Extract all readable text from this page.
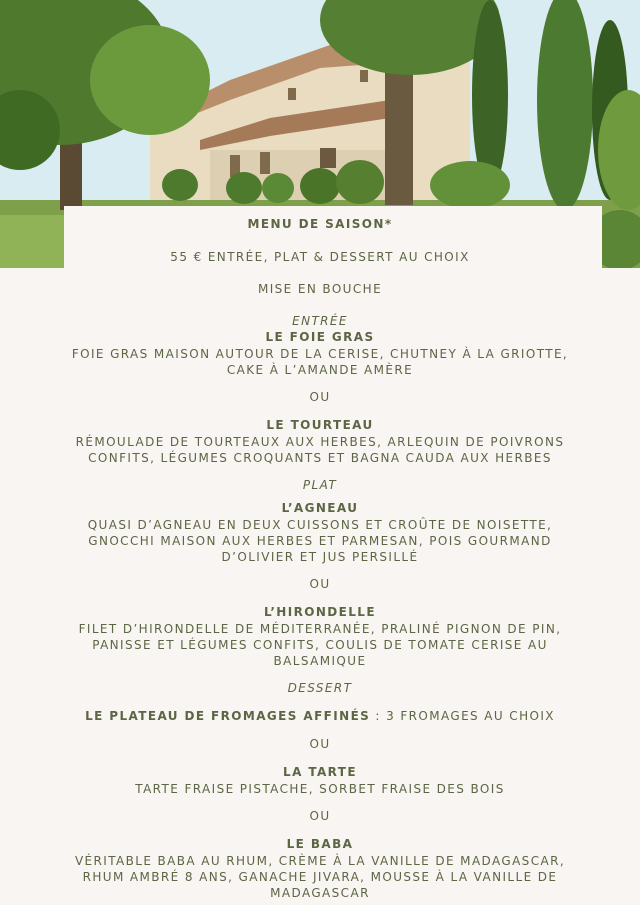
MENU DE SAISON*
55 € ENTRÉE, PLAT & DESSERT AU CHOIX
MISE EN BOUCHE
ENTRÉE
LE FOIE GRAS
FOIE GRAS MAISON AUTOUR DE LA CERISE, CHUTNEY À LA GRIOTTE,
CAKE À L’AMANDE AMÈRE
OU
LE TOURTEAU
RÉMOULADE DE TOURTEAUX AUX HERBES, ARLEQUIN DE POIVRONS
CONFITS, LÉGUMES CROQUANTS ET BAGNA CAUDA AUX HERBES
PLAT
L’AGNEAU
QUASI D’AGNEAU EN DEUX CUISSONS ET CROÛTE DE NOISETTE,
GNOCCHI MAISON AUX HERBES ET PARMESAN, POIS GOURMAND
D’OLIVIER ET JUS PERSILLÉ
OU
L’HIRONDELLE
FILET D’HIRONDELLE DE MÉDITERRANÉE, PRALINÉ PIGNON DE PIN,
PANISSE ET LÉGUMES CONFITS, COULIS DE TOMATE CERISE AU
BALSAMIQUE
DESSERT
LE PLATEAU DE FROMAGES AFFINÉS : 3 FROMAGES AU CHOIX
OU
LA TARTE
TARTE FRAISE PISTACHE, SORBET FRAISE DES BOIS
OU
LE BABA
VÉRITABLE BABA AU RHUM, CRÈME À LA VANILLE DE MADAGASCAR,
RHUM AMBRÉ 8 ANS, GANACHE JIVARA, MOUSSE À LA VANILLE DE
MADAGASCAR
